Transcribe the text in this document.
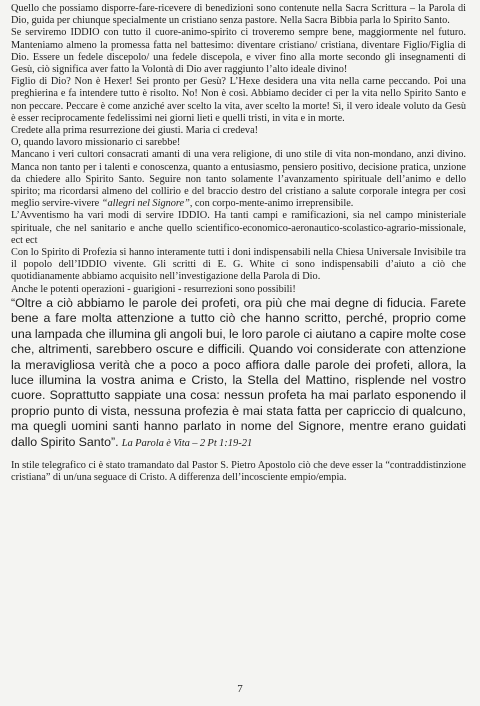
Quello che possiamo disporre-fare-ricevere di benedizioni sono contenute nella Sacra Scrittura – la Parola di Dio, guida per chiunque specialmente un cristiano senza pastore. Nella Sacra Bibbia parla lo Spirito Santo.

Se serviremo IDDIO con tutto il cuore-animo-spirito ci troveremo sempre bene, maggiormente nel futuro. Manteniamo almeno la promessa fatta nel battesimo: diventare cristiano/ cristiana, diventare Figlio/Figlia di Dio. Essere un fedele discepolo/ una fedele discepola, e viver fino alla morte secondo gli insegnamenti di Gesù, ciò significa aver fatto la Volontà di Dio aver raggiunto l’alto ideale divino!

Figlio di Dio? Non è Hexer! Sei pronto per Gesù? L’Hexe desidera una vita nella carne peccando. Poi una preghierina e fa intendere tutto è risolto. No! Non è così. Abbiamo decider ci per la vita nello Spirito Santo e non peccare. Peccare è come anziché aver scelto la vita, aver scelto la morte! Sì, il vero ideale voluto da Gesù è esser reciprocamente fedelissimi nei giorni lieti e quelli tristi, in vita e in morte.

Credete alla prima resurrezione dei giusti. Maria ci credeva!

O, quando lavoro missionario ci sarebbe!

Mancano i veri cultori consacrati amanti di una vera religione, di uno stile di vita non-mondano, anzi divino. Manca non tanto per i talenti e conoscenza, quanto a entusiasmo, pensiero positivo, decisione pratica, unzione da chiedere allo Spirito Santo. Seguire non tanto solamente l’avanzamento spirituale dell’animo e dello spirito; ma ricordarsi almeno del collirio e del braccio destro del cristiano a salute corporale integra per così meglio servire-vivere “allegri nel Signore”, con corpo-mente-animo irreprensibile.

L’Avventismo ha vari modi di servire IDDIO. Ha tanti campi e ramificazioni, sia nel campo ministeriale spirituale, che nel sanitario e anche quello scientifico-economico-aeronautico-scolastico-agrario-missionale, ect ect

Con lo Spirito di Profezia si hanno interamente tutti i doni indispensabili nella Chiesa Universale Invisibile tra il popolo dell’IDDIO vivente. Gli scritti di E. G. White ci sono indispensabili d’aiuto a ciò che quotidianamente abbiamo acquisito nell’investigazione della Parola di Dio.

Anche le potenti operazioni - guarigioni - resurrezioni sono possibili!

“Oltre a ciò abbiamo le parole dei profeti, ora più che mai degne di fiducia. Farete bene a fare molta attenzione a tutto ciò che hanno scritto, perché, proprio come una lampada che illumina gli angoli bui, le loro parole ci aiutano a capire molte cose che, altrimenti, sarebbero oscure e difficili. Quando voi considerate con attenzione la meravigliosa verità che a poco a poco affiora dalle parole dei profeti, allora, la luce illumina la vostra anima e Cristo, la Stella del Mattino, risplende nel vostro cuore. Soprattutto sappiate una cosa: nessun profeta ha mai parlato esponendo il proprio punto di vista, nessuna profezia è mai stata fatta per capriccio di qualcuno, ma quegli uomini santi hanno parlato in nome del Signore, mentre erano guidati dallo Spirito Santo”. La Parola è Vita – 2 Pt 1:19-21

In stile telegrafico ci è stato tramandato dal Pastor S. Pietro Apostolo ciò che deve esser la “contraddistinzione cristiana” di un/una seguace di Cristo. A differenza dell’incosciente empio/empia.

7
